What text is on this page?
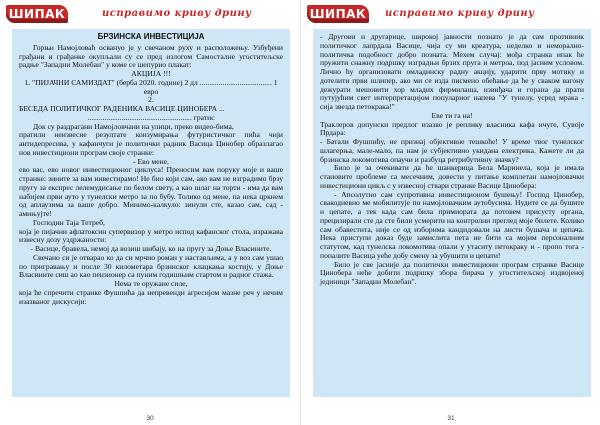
ШИПАК	исправимо криву дрину

БРЗИНСКА ИНВЕСТИЦИЈА

Горњи Намојловаћ освануо је у свечаном руху и расположењу. Узбуђени грађани и грађанке окупљали су се пред излогом Самосталне угоститељске радње "Западни Молебан" у коме се шепурио плакат:

АКЦИЈА !!!

1. "ПИЈАЧНИ САМИЗДАТ" (берба 2020. године) 2 дл ...................................... 1 евро

2.

БЕСЕДА ПОЛИТИЧКОГ РАДЕНИКА ВАСИЦЕ ЦИНОБЕРА ...

....................................................... гратис

Док су раздрагани Намојловчани на улици, преко видео-бима,

пратили неизвесне резултате конзумирања футуристичког пића чији антидепресива, у кафанчуги је политички радник Васица Цинобер образлагао нов инвестициони програм своје странке:

- Ево мене,

ево вас, ево новог инвестиционог циклуса! Преносим вам поруку моје и ваше странке: зините за вам инвестирамо! Не био који сам, ако вам не изградимо брзу пругу за експрес лелемудисање по белом свету, а као шлаг на торти - има да вам набијем први ауто у тунелски метро за по бубу. Толико од мене, па нека цркнем од аплаузима за ваше добро. Минимо-калкуло: зинули сте, казао сам, сад - амињујте!

Господин Таја Тетреб,

која је пијачни афлатоксин супервизор у метро испод кафанског стола, изражава извесну дозу уздржаности:

- Васице, бравела, немој да возиш шибају, ко на пругу за Доње Власините.

Свечано си је отварао ко да си мрчио роман у настављима, а у воз сам ушао по пригравању и после 30 километара брзинског клацкања костију, у Доње Власините сиш ао као пензионер са пуним годишњим стартом и радног стажа.

Нема те оружане силе,

која ће спречити странке Фушпића да непревенди агресијом мазне реч у нечим изазваног дискусији:

30
ШИПАК исправимо криву дрину

- Другови и другарице, широкој јавности познато је да сам противник политичког лапрдала Васице, чија су ми креатура, неделко и неморално-политичка подобност добро позната. Мехем случај: мођа странка ипак ће пружити снажну подршку изградњи брзих пруга и метроа, под јасним условом. Лично ћу организовати омладинску радну акцију, ударити прву мотику и дотелити први шлипер, ако ми се изда писмено обећање да ће у сваком вагону дежурати мешовити хор младих фирмилаша, извиђача и горана да прати путујућим свет интерпретацијом популарног напева "У тунелу, усред мрака - сија звезда петокрака!"

Еве ти га на!

Траклеров допунски предлог изазво је реплику власника кафа ичуге, Сувоје Прдара:

- Батали Фушпићу, не признај објективне тешкоће! У време твог тунелског шлагерња, мале-мало, па нам је субјективно укидана електрика. Кажете ли да брзинска локомотива опаучи и разбуца ретрибутивну значку?

Било је за очекивати да ће шанкерица Бела Маринела, која је имала становите проблеме са месечним, довести у питање комплетан намојловачки инвестициони цикљ с у извесној ствари странке Васице Цинобера:

- Апсолутно сам супротивна инвестиционом бушењу! Господ Цинобер, свакодневно ме мобилитује по намојловачким аутобусима. Нудите се да бушите и цепате, а тек када сам била примиората да потовем присусту органа, прецизирали сте да сте били усмерити на контролни преглед моје билете. Колико сам обавестита, није се од изборима кандидовали на листи бушача и цепача. Нека приступи доказ буде замислита пета не бити са мојим персоналним статутом, кад тунелска локомотива опали у утаситу петокраку и - пропо тога - попалите Васица уеће добу смену за убушити и цепати!

Било је све јасније да политички инвестициони програм странке Васице Цинобера неће добити подршку збора бирача у угоститељској издвојеној јединици "Западни Молебан".

31
